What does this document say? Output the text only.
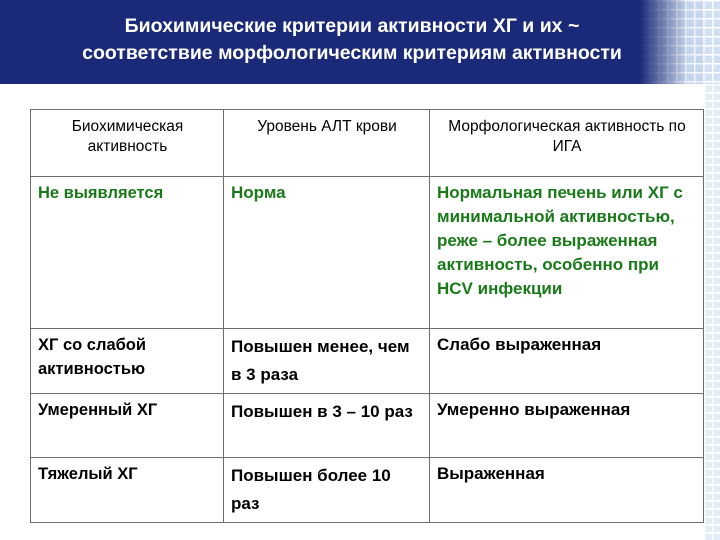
Биохимические критерии активности ХГ и их ~
соответствие морфологическим критериям активности
Биохимическая активность	Уровень АЛТ крови	Морфологическая активность по ИГА
Не выявляется	Норма	Нормальная печень или ХГ с минимальной активностью, реже – более выраженная активность, особенно при HCV инфекции
ХГ со слабой активностью	Повышен менее, чем в 3 раза	Слабо выраженная
Умеренный ХГ	Повышен в 3 – 10 раз	Умеренно выраженная
Тяжелый ХГ	Повышен более 10 раз	Выраженная
